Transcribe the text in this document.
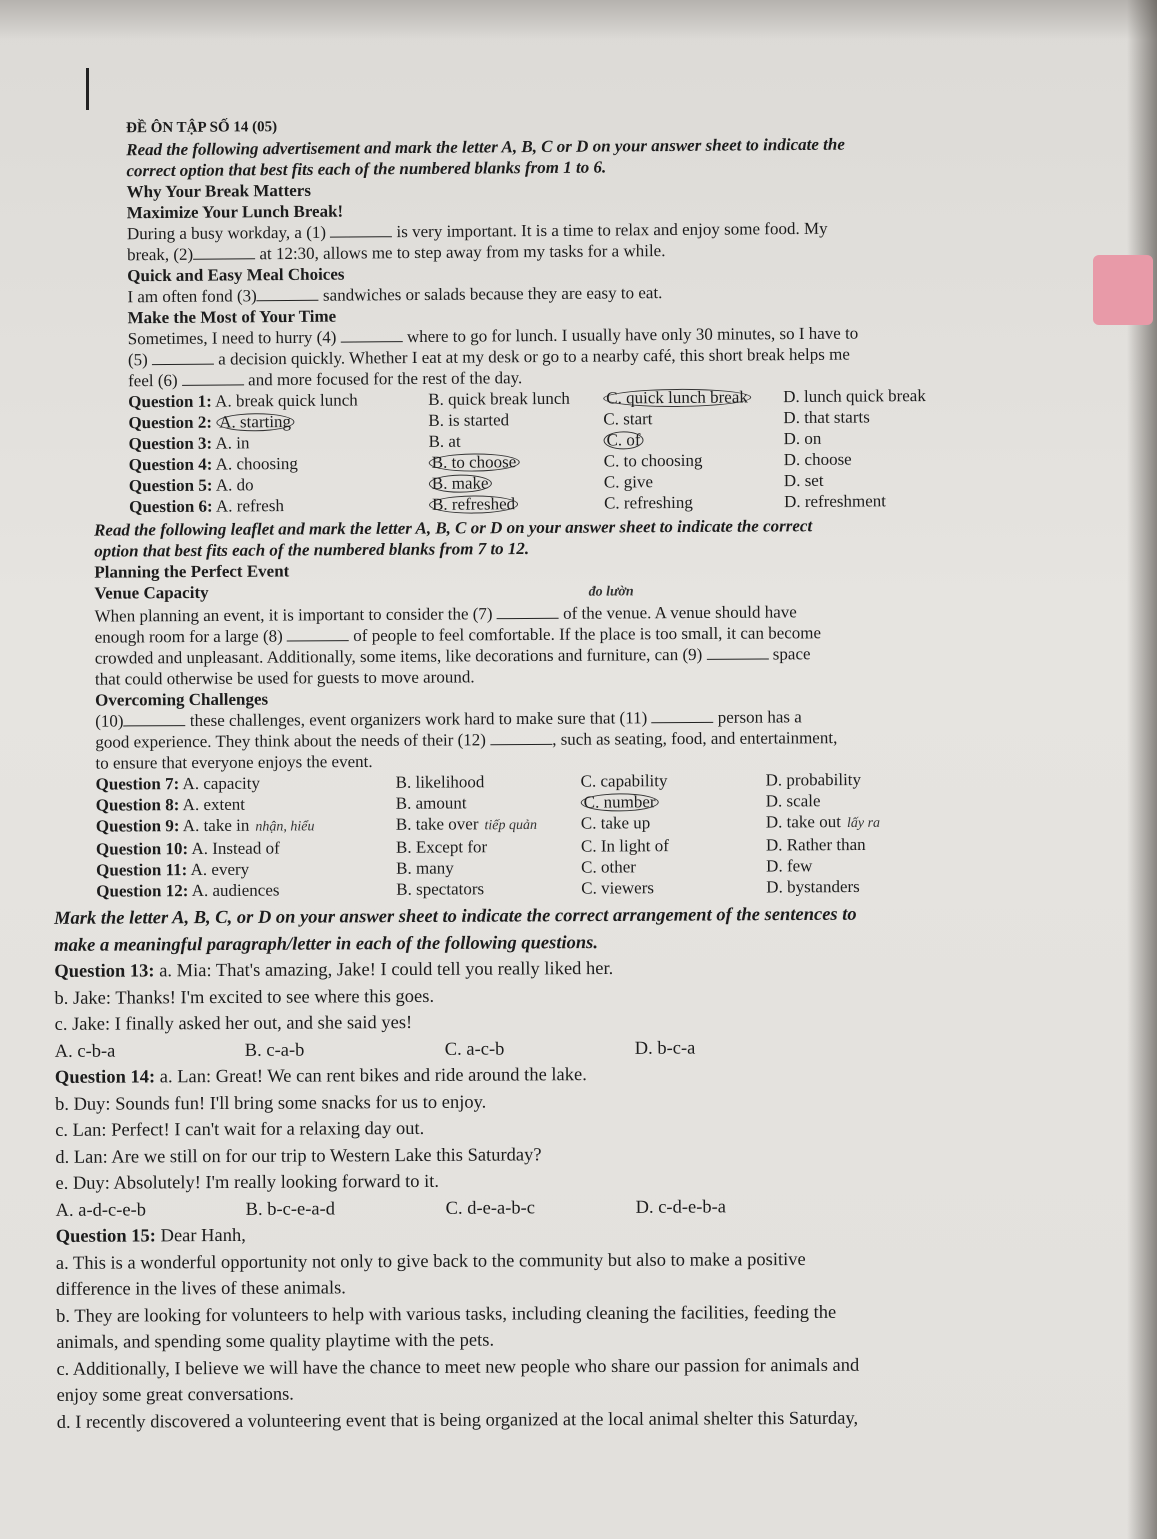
ĐỀ ÔN TẬP SỐ 14 (05)
Read the following advertisement and mark the letter A, B, C or D on your answer sheet to indicate the
correct option that best fits each of the numbered blanks from 1 to 6.
Why Your Break Matters
Maximize Your Lunch Break!
During a busy workday, a (1)	is very important. It is a time to relax and enjoy some food. My
break, (2)	at 12:30, allows me to step away from my tasks for a while.
Quick and Easy Meal Choices
I am often fond (3)	sandwiches or salads because they are easy to eat.
Make the Most of Your Time
Sometimes, I need to hurry (4)	where to go for lunch. I usually have only 30 minutes, so I have to
(5)	a decision quickly. Whether I eat at my desk or go to a nearby café, this short break helps me
feel (6)	and more focused for the rest of the day.
Question 1: A. break quick lunch	B. quick break lunch	C. quick lunch break	D. lunch quick break
Question 2: A. starting	B. is started	C. start	D. that starts
Question 3: A. in	B. at	C. of	D. on
Question 4: A. choosing	B. to choose	C. to choosing	D. choose
Question 5: A. do	B. make	C. give	D. set
Question 6: A. refresh	B. refreshed	C. refreshing	D. refreshment
Read the following leaflet and mark the letter A, B, C or D on your answer sheet to indicate the correct
option that best fits each of the numbered blanks from 7 to 12.
Planning the Perfect Event
Venue Capacity	đo lườn
When planning an event, it is important to consider the (7)	of the venue. A venue should have
enough room for a large (8)	of people to feel comfortable. If the place is too small, it can become
crowded and unpleasant. Additionally, some items, like decorations and furniture, can (9)	space
that could otherwise be used for guests to move around.
Overcoming Challenges
(10)	these challenges, event organizers work hard to make sure that (11)	person has a
good experience. They think about the needs of their (12)	, such as seating, food, and entertainment,
to ensure that everyone enjoys the event.
Question 7: A. capacity	B. likelihood	C. capability	D. probability
Question 8: A. extent	B. amount	C. number	D. scale
Question 9: A. take in nhận, hiểu	B. take over tiếp quản	C. take up	D. take out lấy ra
Question 10: A. Instead of	B. Except for	C. In light of	D. Rather than
Question 11: A. every	B. many	C. other	D. few
Question 12: A. audiences	B. spectators	C. viewers	D. bystanders
Mark the letter A, B, C, or D on your answer sheet to indicate the correct arrangement of the sentences to
make a meaningful paragraph/letter in each of the following questions.
Question 13: a. Mia: That's amazing, Jake! I could tell you really liked her.
b. Jake: Thanks! I'm excited to see where this goes.
c. Jake: I finally asked her out, and she said yes!
A. c-b-a	B. c-a-b	C. a-c-b	D. b-c-a
Question 14: a. Lan: Great! We can rent bikes and ride around the lake.
b. Duy: Sounds fun! I'll bring some snacks for us to enjoy.
c. Lan: Perfect! I can't wait for a relaxing day out.
d. Lan: Are we still on for our trip to Western Lake this Saturday?
e. Duy: Absolutely! I'm really looking forward to it.
A. a-d-c-e-b	B. b-c-e-a-d	C. d-e-a-b-c	D. c-d-e-b-a
Question 15: Dear Hanh,
a. This is a wonderful opportunity not only to give back to the community but also to make a positive
difference in the lives of these animals.
b. They are looking for volunteers to help with various tasks, including cleaning the facilities, feeding the
animals, and spending some quality playtime with the pets.
c. Additionally, I believe we will have the chance to meet new people who share our passion for animals and
enjoy some great conversations.
d. I recently discovered a volunteering event that is being organized at the local animal shelter this Saturday,
